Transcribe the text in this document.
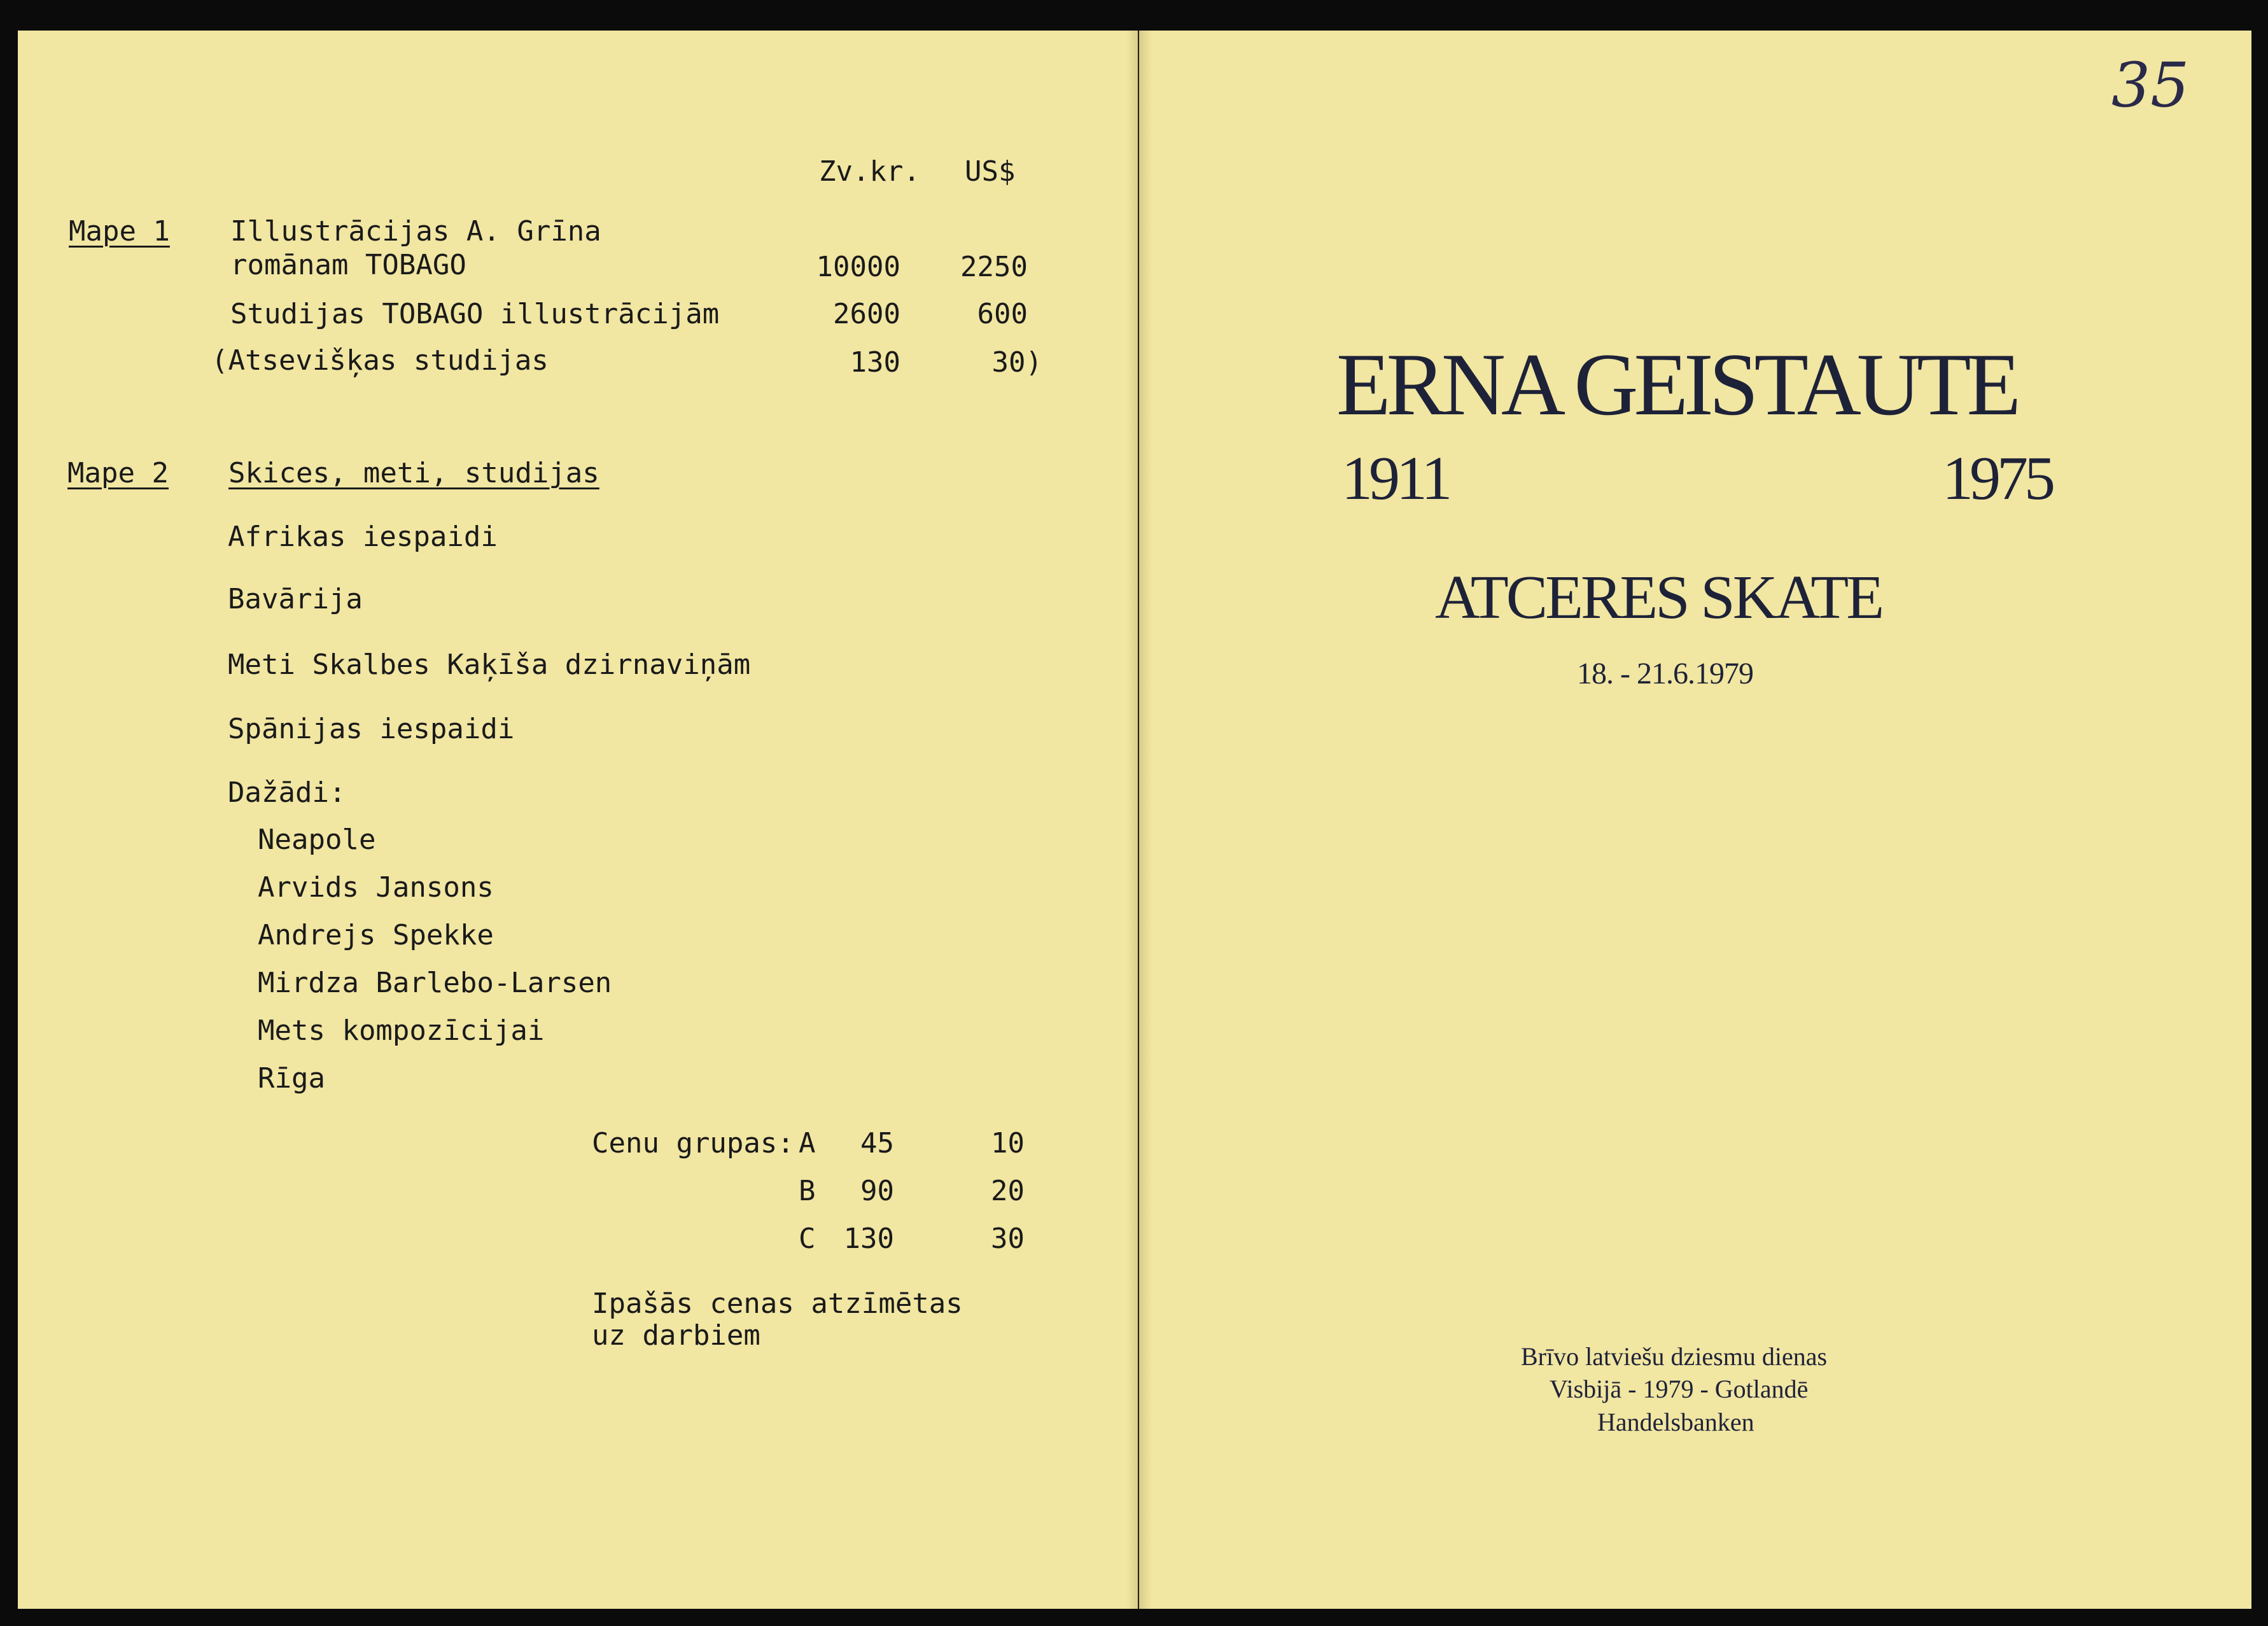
Zv.kr. US$
Mape 1 Illustrācijas A. Grīna
romānam TOBAGO	10000	2250
Studijas TOBAGO illustrācijām	2600	600
(Atsevišķas studijas	130	30)
Mape 2 Skices, meti, studijas
Afrikas iespaidi
Bavārija
Meti Skalbes Kaķīša dzirnaviņām
Spānijas iespaidi
Dažādi:
Neapole
Arvids Jansons
Andrejs Spekke
Mirdza Barlebo-Larsen
Mets kompozīcijai
Rīga
Cenu grupas: A	45	10
B	90	20
C	130	30
Ipašās cenas atzīmētas
uz darbiem
35
ERNA GEISTAUTE
1911	1975
ATCERES SKATE
18. - 21.6.1979
Brīvo latviešu dziesmu dienas
Visbijā - 1979 - Gotlandē
Handelsbanken
